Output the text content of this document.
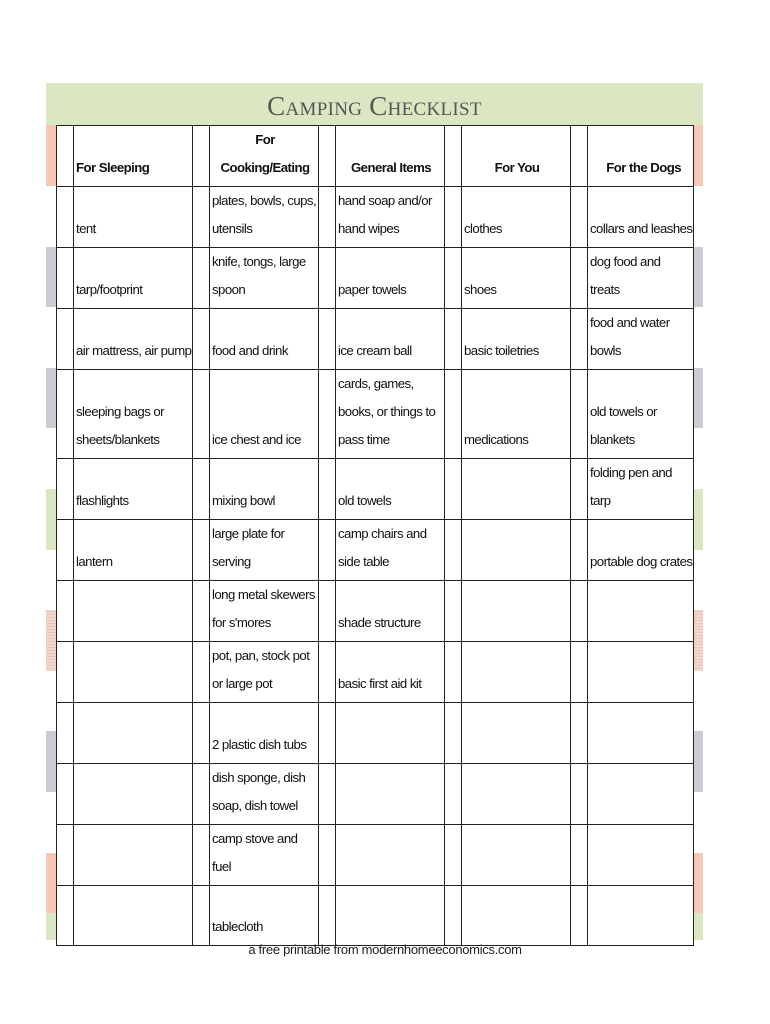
Camping Checklist
	For Sleeping		For Cooking/Eating		General Items		For You		For the Dogs

	tent		plates, bowls, cups, utensils		hand soap and/or hand wipes		clothes		collars and leashes

	tarp/footprint		knife, tongs, large spoon		paper towels		shoes		dog food and treats

	air mattress, air pump		food and drink		ice cream ball		basic toiletries		food and water bowls

	sleeping bags or sheets/blankets		ice chest and ice		cards, games, books, or things to pass time		medications		old towels or blankets

	flashlights		mixing bowl		old towels				folding pen and tarp

	lantern		large plate for serving		camp chairs and side table				portable dog crates

			long metal skewers for s'mores		shade structure				

			pot, pan, stock pot or large pot		basic first aid kit				

			2 plastic dish tubs						

			dish sponge, dish soap, dish towel						

			camp stove and fuel						

			tablecloth						

a free printable from modernhomeeconomics.com
